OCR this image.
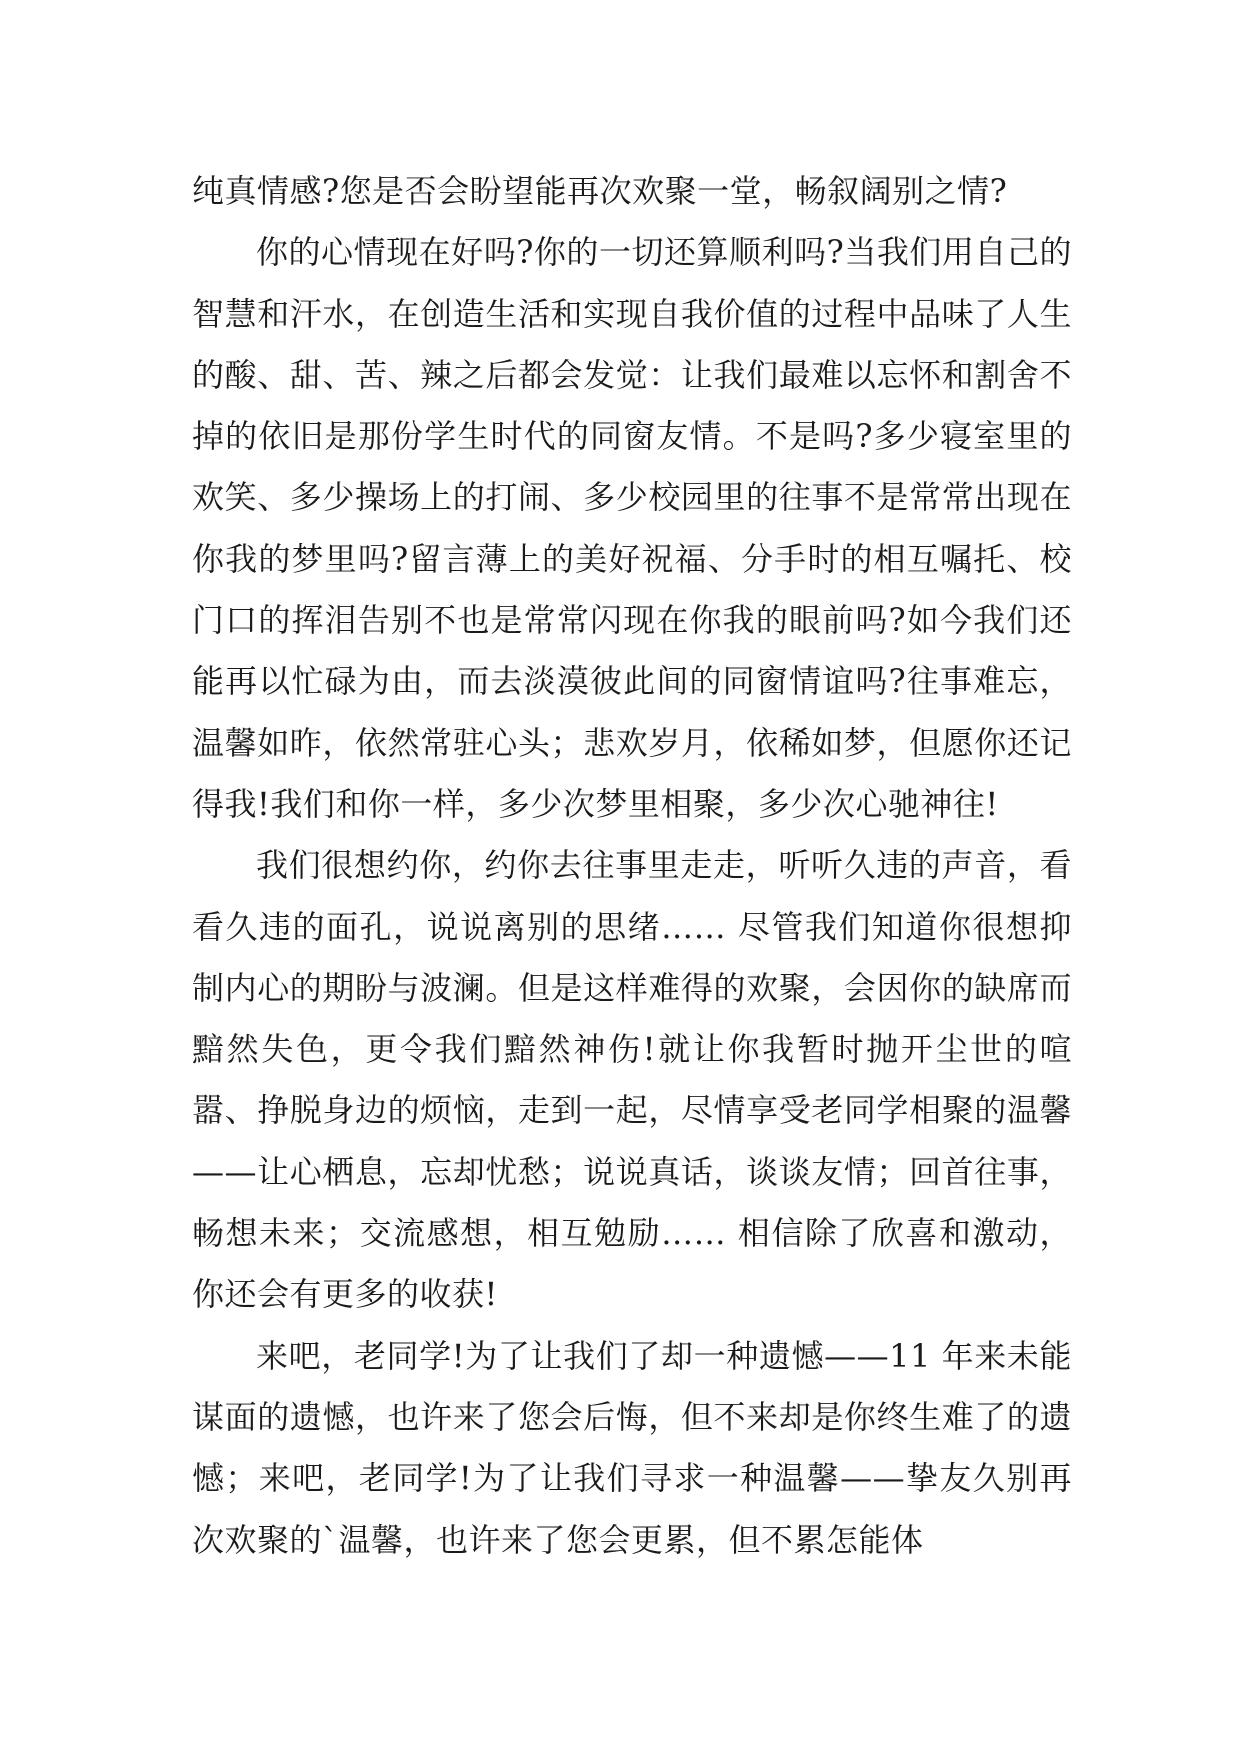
纯真情感?您是否会盼望能再次欢聚一堂，畅叙阔别之情?

你的心情现在好吗?你的一切还算顺利吗?当我们用自己的智慧和汗水，在创造生活和实现自我价值的过程中品味了人生的酸、甜、苦、辣之后都会发觉：让我们最难以忘怀和割舍不掉的依旧是那份学生时代的同窗友情。不是吗?多少寝室里的欢笑、多少操场上的打闹、多少校园里的往事不是常常出现在你我的梦里吗?留言薄上的美好祝福、分手时的相互嘱托、校门口的挥泪告别不也是常常闪现在你我的眼前吗?如今我们还能再以忙碌为由，而去淡漠彼此间的同窗情谊吗?往事难忘，温馨如昨，依然常驻心头；悲欢岁月，依稀如梦，但愿你还记得我!我们和你一样，多少次梦里相聚，多少次心驰神往!

我们很想约你，约你去往事里走走，听听久违的声音，看看久违的面孔，说说离别的思绪…… 尽管我们知道你很想抑制内心的期盼与波澜。但是这样难得的欢聚，会因你的缺席而黯然失色，更令我们黯然神伤!就让你我暂时抛开尘世的喧嚣、挣脱身边的烦恼，走到一起，尽情享受老同学相聚的温馨——让心栖息，忘却忧愁；说说真话，谈谈友情；回首往事，畅想未来；交流感想，相互勉励…… 相信除了欣喜和激动，你还会有更多的收获!

来吧，老同学!为了让我们了却一种遗憾——11 年来未能谋面的遗憾，也许来了您会后悔，但不来却是你终生难了的遗憾；来吧，老同学!为了让我们寻求一种温馨——挚友久别再次欢聚的`温馨，也许来了您会更累，但不累怎能体
